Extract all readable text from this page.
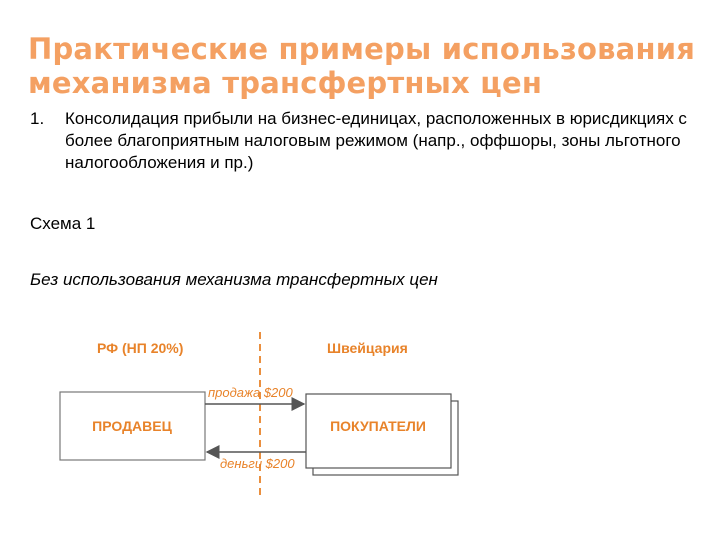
Практические примеры использования
механизма трансфертных цен
1. Консолидация прибыли на бизнес-единицах, расположенных в юрисдикциях с более благоприятным налоговым режимом (напр., оффшоры, зоны льготного налогообложения и пр.)
Схема 1
Без использования механизма трансфертных цен
РФ (НП 20%)	Швейцария
ПРОДАВЕЦ	ПОКУПАТЕЛИ
продажа $200
деньги $200
